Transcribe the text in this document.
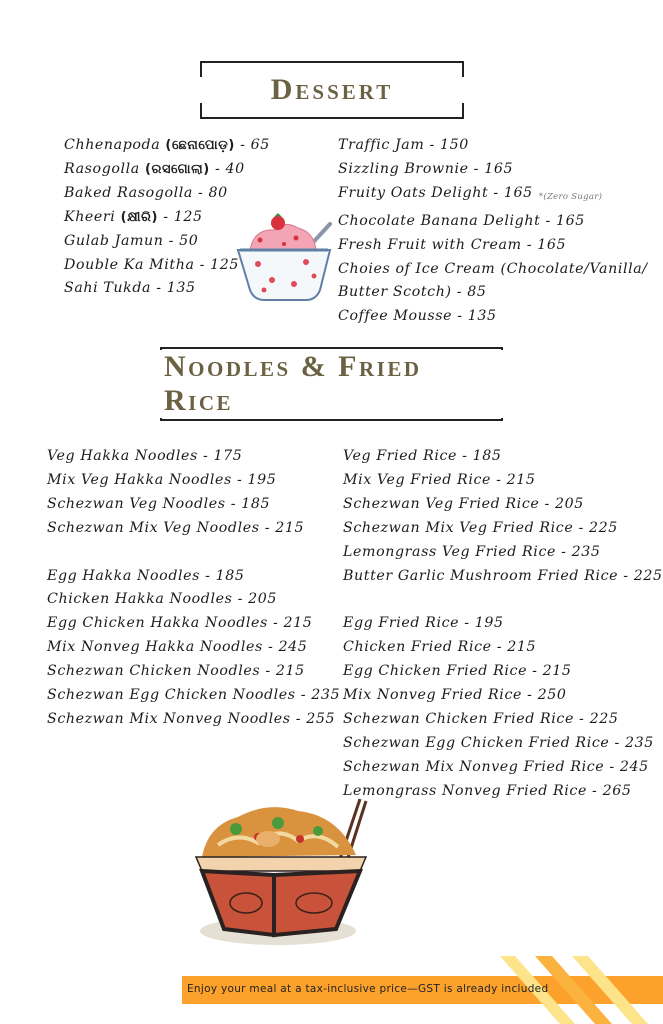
Dessert
Chhenapoda (ଛେନାପୋଡ଼) - 65
Rasogolla (ରସଗୋଲା) - 40
Baked Rasogolla - 80
Kheeri (କ୍ଷୀରି) - 125
Gulab Jamun - 50
Double Ka Mitha - 125
Sahi Tukda - 135
Traffic Jam - 150
Sizzling Brownie - 165
Fruity Oats Delight - 165 *(Zero Sugar)
Chocolate Banana Delight - 165
Fresh Fruit with Cream - 165
Choies of Ice Cream (Chocolate/Vanilla/
Butter Scotch) - 85
Coffee Mousse - 135
Noodles & Fried Rice
Veg Hakka Noodles - 175
Mix Veg Hakka Noodles - 195
Schezwan Veg Noodles - 185
Schezwan Mix Veg Noodles - 215
Egg Hakka Noodles - 185
Chicken Hakka Noodles - 205
Egg Chicken Hakka Noodles - 215
Mix Nonveg Hakka Noodles - 245
Schezwan Chicken Noodles - 215
Schezwan Egg Chicken Noodles - 235
Schezwan Mix Nonveg Noodles - 255
Veg Fried Rice - 185
Mix Veg Fried Rice - 215
Schezwan Veg Fried Rice - 205
Schezwan Mix Veg Fried Rice - 225
Lemongrass Veg Fried Rice - 235
Butter Garlic Mushroom Fried Rice - 225
Egg Fried Rice - 195
Chicken Fried Rice - 215
Egg Chicken Fried Rice - 215
Mix Nonveg Fried Rice - 250
Schezwan Chicken Fried Rice - 225
Schezwan Egg Chicken Fried Rice - 235
Schezwan Mix Nonveg Fried Rice - 245
Lemongrass Nonveg Fried Rice - 265
Enjoy your meal at a tax-inclusive price—GST is already included
